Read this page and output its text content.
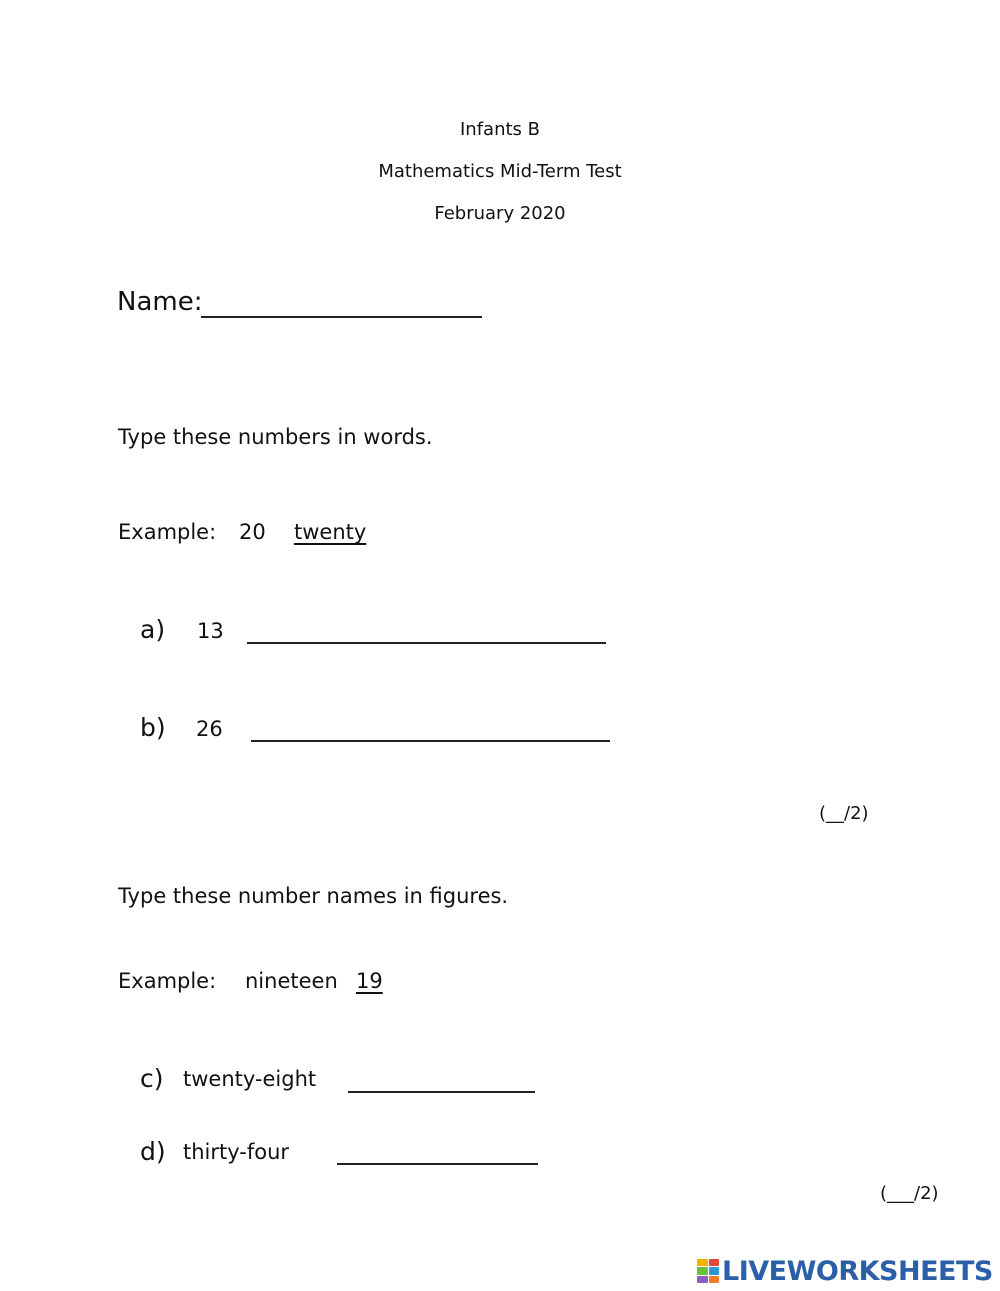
Infants B
Mathematics Mid-Term Test
February 2020
Name:
Type these numbers in words.
Example: 20 twenty
a) 13
b) 26
(__/2)
Type these number names in figures.
Example: nineteen 19
c) twenty-eight
d) thirty-four
(___/2)
LIVEWORKSHEETS
